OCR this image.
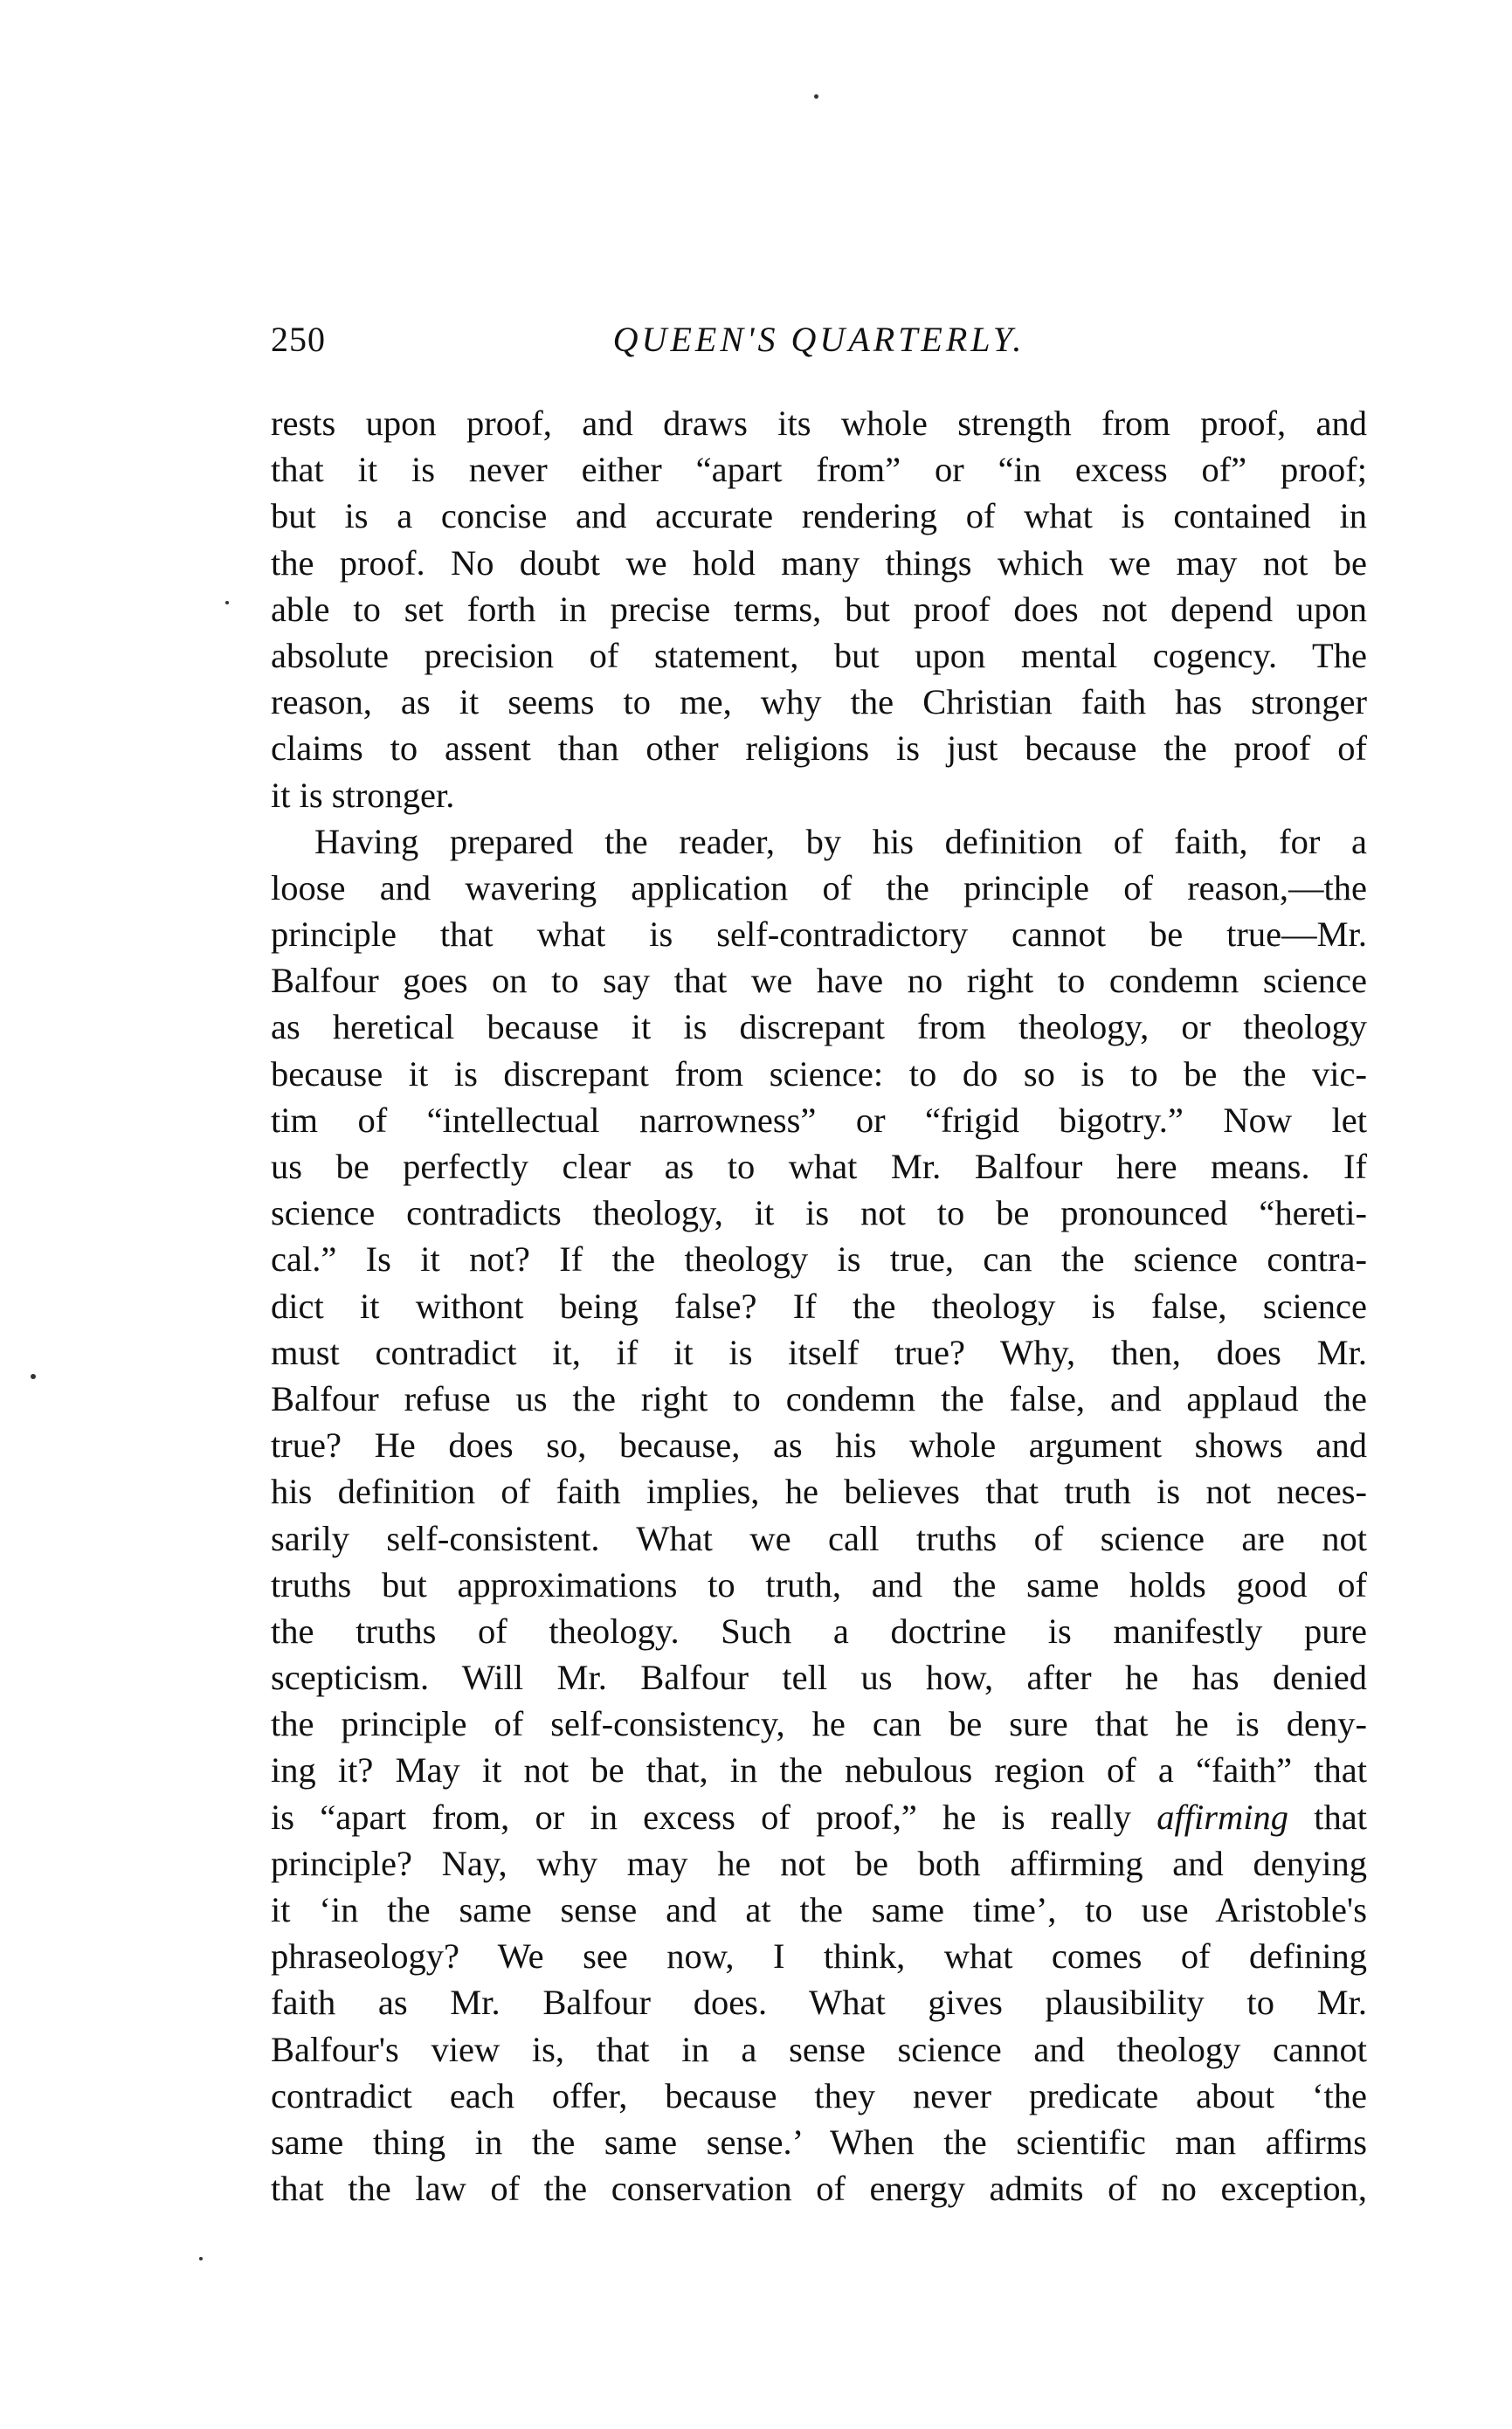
250	QUEEN'S QUARTERLY.
rests upon proof, and draws its whole strength from proof, and
that it is never either “apart from” or “in excess of” proof;
but is a concise and accurate rendering of what is contained in
the proof. No doubt we hold many things which we may not be
able to set forth in precise terms, but proof does not depend upon
absolute precision of statement, but upon mental cogency. The
reason, as it seems to me, why the Christian faith has stronger
claims to assent than other religions is just because the proof of
it is stronger.
Having prepared the reader, by his definition of faith, for a
loose and wavering application of the principle of reason,—the
principle that what is self-contradictory cannot be true—Mr.
Balfour goes on to say that we have no right to condemn science
as heretical because it is discrepant from theology, or theology
because it is discrepant from science: to do so is to be the vic-
tim of “intellectual narrowness” or “frigid bigotry.” Now let
us be perfectly clear as to what Mr. Balfour here means. If
science contradicts theology, it is not to be pronounced “hereti-
cal.” Is it not? If the theology is true, can the science contra-
dict it withont being false? If the theology is false, science
must contradict it, if it is itself true? Why, then, does Mr.
Balfour refuse us the right to condemn the false, and applaud the
true? He does so, because, as his whole argument shows and
his definition of faith implies, he believes that truth is not neces-
sarily self-consistent. What we call truths of science are not
truths but approximations to truth, and the same holds good of
the truths of theology. Such a doctrine is manifestly pure
scepticism. Will Mr. Balfour tell us how, after he has denied
the principle of self-consistency, he can be sure that he is deny-
ing it? May it not be that, in the nebulous region of a “faith” that
is “apart from, or in excess of proof,” he is really affirming that
principle? Nay, why may he not be both affirming and denying
it ‘in the same sense and at the same time’, to use Aristoble's
phraseology? We see now, I think, what comes of defining
faith as Mr. Balfour does. What gives plausibility to Mr.
Balfour's view is, that in a sense science and theology cannot
contradict each offer, because they never predicate about ‘the
same thing in the same sense.’ When the scientific man affirms
that the law of the conservation of energy admits of no exception,
